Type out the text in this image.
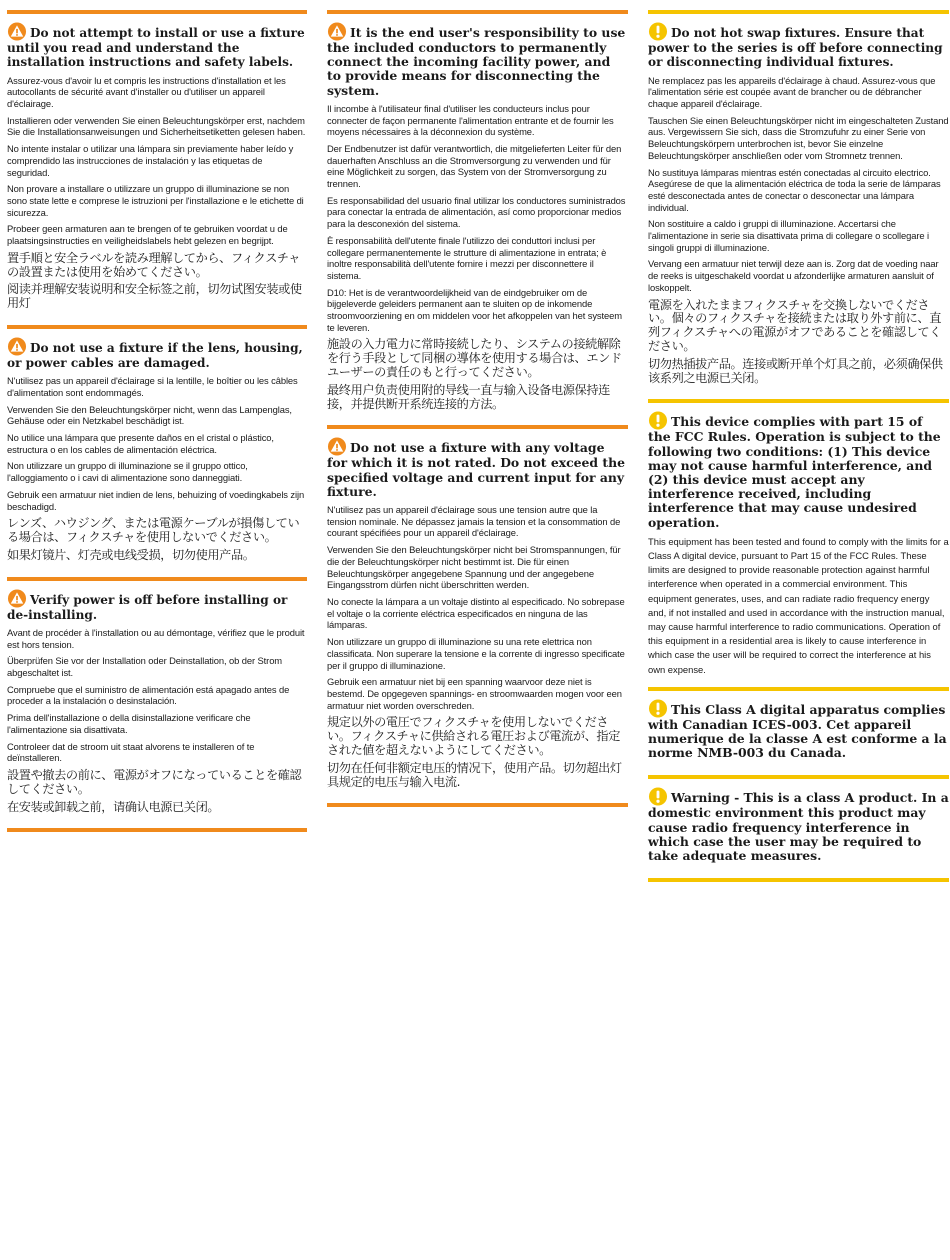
Do not attempt to install or use a fixture until you read and understand the installation instructions and safety labels.

Assurez-vous d'avoir lu et compris les instructions d'installation et les autocollants de sécurité avant d'installer ou d'utiliser un appareil d'éclairage.

Installieren oder verwenden Sie einen Beleuchtungskörper erst, nachdem Sie die Installationsanweisungen und Sicherheitsetiketten gelesen haben.

No intente instalar o utilizar una lámpara sin previamente haber leído y comprendido las instrucciones de instalación y las etiquetas de seguridad.

Non provare a installare o utilizzare un gruppo di illuminazione se non sono state lette e comprese le istruzioni per l'installazione e le etichette di sicurezza.

Probeer geen armaturen aan te brengen of te gebruiken voordat u de plaatsingsinstructies en veiligheidslabels hebt gelezen en begrijpt.

置手順と安全ラベルを読み理解してから、フィクスチャの設置または使用を始めてください。

阅读并理解安装说明和安全标签之前，切勿试图安装或使用灯

Do not use a fixture if the lens, housing, or power cables are damaged.

N'utilisez pas un appareil d'éclairage si la lentille, le boîtier ou les câbles d'alimentation sont endommagés.

Verwenden Sie den Beleuchtungskörper nicht, wenn das Lampenglas, Gehäuse oder ein Netzkabel beschädigt ist.

No utilice una lámpara que presente daños en el cristal o plástico, estructura o en los cables de alimentación eléctrica.

Non utilizzare un gruppo di illuminazione se il gruppo ottico, l'alloggiamento o i cavi di alimentazione sono danneggiati.

Gebruik een armatuur niet indien de lens, behuizing of voedingkabels zijn beschadigd.

レンズ、ハウジング、または電源ケーブルが損傷している場合は、フィクスチャを使用しないでください。

如果灯镜片、灯壳或电线受损，切勿使用产品。

Verify power is off before installing or de-installing.

Avant de procéder à l'installation ou au démontage, vérifiez que le produit est hors tension.

Überprüfen Sie vor der Installation oder Deinstallation, ob der Strom abgeschaltet ist.

Compruebe que el suministro de alimentación está apagado antes de proceder a la instalación o desinstalación.

Prima dell'installazione o della disinstallazione verificare che l'alimentazione sia disattivata.

Controleer dat de stroom uit staat alvorens te installeren of te deïnstalleren.

設置や撤去の前に、電源がオフになっていることを確認してください。

在安装或卸载之前，请确认电源已关闭。

It is the end user's responsibility to use the included conductors to permanently connect the incoming facility power, and to provide means for disconnecting the system.

Il incombe à l'utilisateur final d'utiliser les conducteurs inclus pour connecter de façon permanente l'alimentation entrante et de fournir les moyens nécessaires à la déconnexion du système.

Der Endbenutzer ist dafür verantwortlich, die mitgelieferten Leiter für den dauerhaften Anschluss an die Stromversorgung zu verwenden und für eine Möglichkeit zu sorgen, das System von der Stromversorgung zu trennen.

Es responsabilidad del usuario final utilizar los conductores suministrados para conectar la entrada de alimentación, así como proporcionar medios para la desconexión del sistema.

È responsabilità dell'utente finale l'utilizzo dei conduttori inclusi per collegare permanentemente le strutture di alimentazione in entrata; è inoltre responsabilità dell'utente fornire i mezzi per disconnettere il sistema.

D10: Het is de verantwoordelijkheid van de eindgebruiker om de bijgeleverde geleiders permanent aan te sluiten op de inkomende stroomvoorziening en om middelen voor het afkoppelen van het systeem te leveren.

施設の入力電力に常時接続したり、システムの接続解除を行う手段として同梱の導体を使用する場合は、エンド ユーザーの責任のもと行ってください。

最终用户负责使用附的导线一直与输入设备电源保持连接，并提供断开系统连接的方法。

Do not use a fixture with any voltage for which it is not rated. Do not exceed the specified voltage and current input for any fixture.

N'utilisez pas un appareil d'éclairage sous une tension autre que la tension nominale. Ne dépassez jamais la tension et la consommation de courant spécifiées pour un appareil d'éclairage.

Verwenden Sie den Beleuchtungskörper nicht bei Stromspannungen, für die der Beleuchtungskörper nicht bestimmt ist. Die für einen Beleuchtungskörper angegebene Spannung und der angegebene Eingangsstrom dürfen nicht überschritten werden.

No conecte la lámpara a un voltaje distinto al especificado. No sobrepase el voltaje o la corriente eléctrica especificados en ninguna de las lámparas.

Non utilizzare un gruppo di illuminazione su una rete elettrica non classificata. Non superare la tensione e la corrente di ingresso specificate per il gruppo di illuminazione.

Gebruik een armatuur niet bij een spanning waarvoor deze niet is bestemd. De opgegeven spannings- en stroomwaarden mogen voor een armatuur niet worden overschreden.

規定以外の電圧でフィクスチャを使用しないでください。フィクスチャに供給される電圧および電流が、指定された値を超えないようにしてください。

切勿在任何非额定电压的情况下，使用产品。切勿超出灯具规定的电压与输入电流.

Do not hot swap fixtures. Ensure that power to the series is off before connecting or disconnecting individual fixtures.

Ne remplacez pas les appareils d'éclairage à chaud. Assurez-vous que l'alimentation série est coupée avant de brancher ou de débrancher chaque appareil d'éclairage.

Tauschen Sie einen Beleuchtungskörper nicht im eingeschalteten Zustand aus. Vergewissern Sie sich, dass die Stromzufuhr zu einer Serie von Beleuchtungskörpern unterbrochen ist, bevor Sie einzelne Beleuchtungskörper anschließen oder vom Stromnetz trennen.

No sustituya lámparas mientras estén conectadas al circuito electrico. Asegúrese de que la alimentación eléctrica de toda la serie de lámparas esté desconectada antes de conectar o desconectar una lámpara individual.

Non sostituire a caldo i gruppi di illuminazione. Accertarsi che l'alimentazione in serie sia disattivata prima di collegare o scollegare i singoli gruppi di illuminazione.

Vervang een armatuur niet terwijl deze aan is. Zorg dat de voeding naar de reeks is uitgeschakeld voordat u afzonderlijke armaturen aansluit of loskoppelt.

電源を入れたままフィクスチャを交換しないでください。個々のフィクスチャを接続または取り外す前に、直列フィクスチャへの電源がオフであることを確認してください。

切勿热插拔产品。连接或断开单个灯具之前，必须确保供该系列之电源已关闭。

This device complies with part 15 of the FCC Rules. Operation is subject to the following two conditions: (1) This device may not cause harmful interference, and (2) this device must accept any interference received, including interference that may cause undesired operation.

This equipment has been tested and found to comply with the limits for a Class A digital device, pursuant to Part 15 of the FCC Rules. These limits are designed to provide reasonable protection against harmful interference when operated in a commercial environment. This equipment generates, uses, and can radiate radio frequency energy and, if not installed and used in accordance with the instruction manual, may cause harmful interference to radio communications. Operation of this equipment in a residential area is likely to cause interference in which case the user will be required to correct the interference at his own expense.

This Class A digital apparatus complies with Canadian ICES-003. Cet appareil numerique de la classe A est conforme a la norme NMB-003 du Canada.
Warning - This is a class A product. In a domestic environment this product may cause radio frequency interference in which case the user may be required to take adequate measures.
